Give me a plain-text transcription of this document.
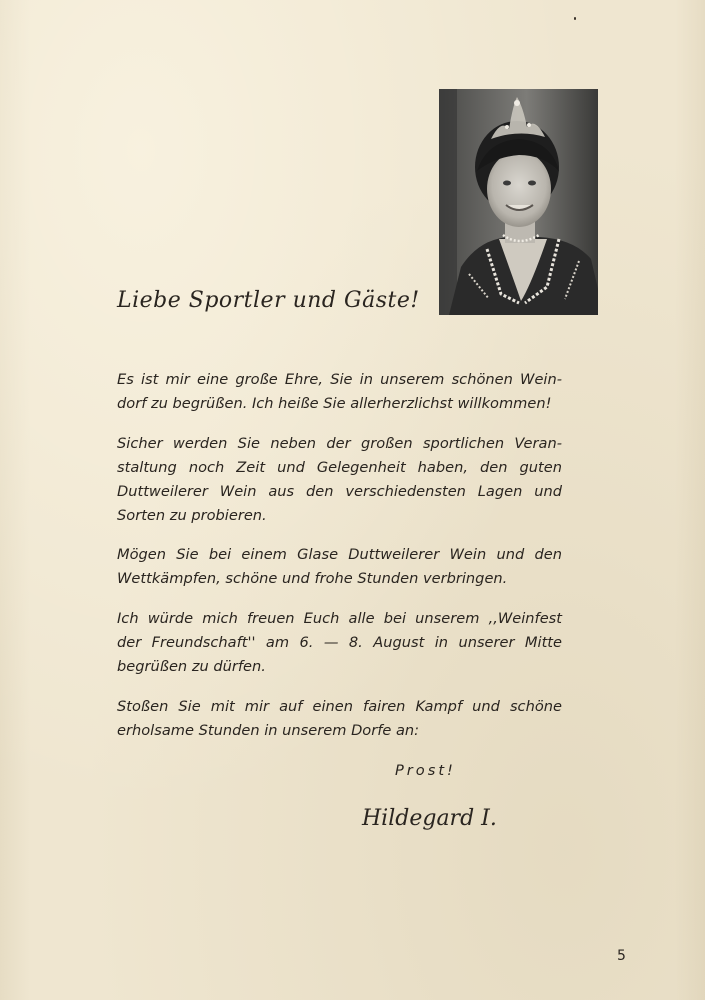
Liebe Sportler und Gäste!
Es ist mir eine große Ehre, Sie in unserem schönen Wein-
dorf zu begrüßen. Ich heiße Sie allerherzlichst willkommen!
Sicher werden Sie neben der großen sportlichen Veran-
staltung noch Zeit und Gelegenheit haben, den guten
Duttweilerer Wein aus den verschiedensten Lagen und
Sorten zu probieren.
Mögen Sie bei einem Glase Duttweilerer Wein und den
Wettkämpfen, schöne und frohe Stunden verbringen.
Ich würde mich freuen Euch alle bei unserem ,,Weinfest
der Freundschaft'' am 6. — 8. August in unserer Mitte
begrüßen zu dürfen.
Stoßen Sie mit mir auf einen fairen Kampf und schöne
erholsame Stunden in unserem Dorfe an:
Prost!
Hildegard I.
5
